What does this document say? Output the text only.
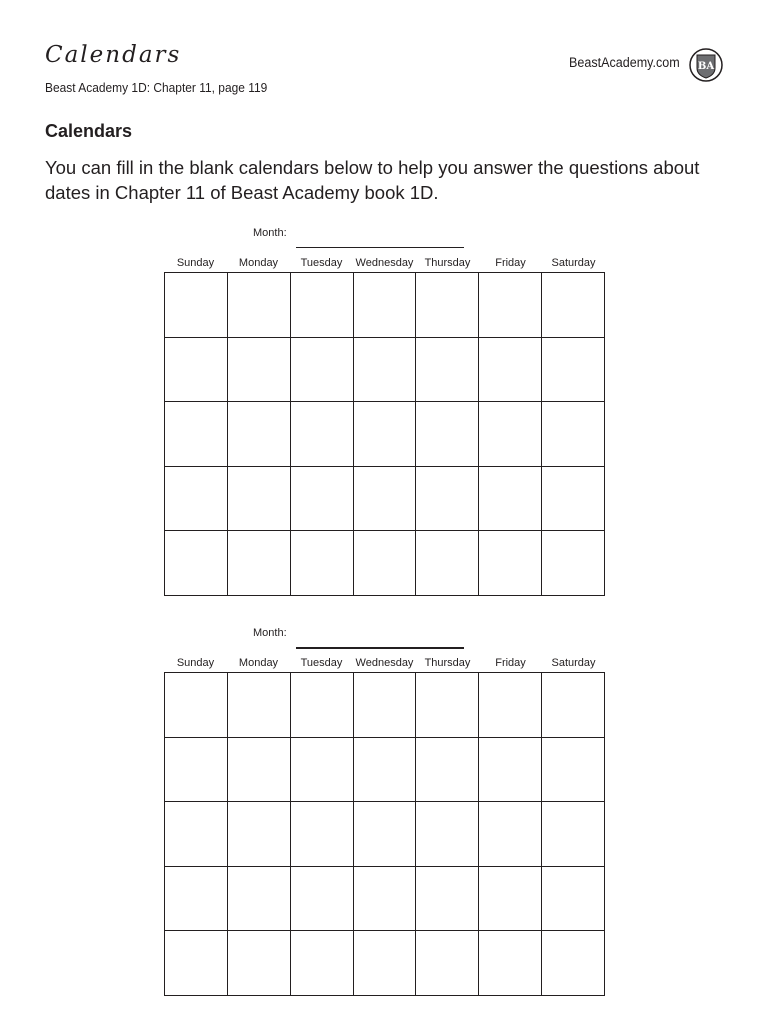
Calendars
Beast Academy 1D: Chapter 11, page 119
BeastAcademy.com BA
Calendars
You can fill in the blank calendars below to help you answer the questions about dates in Chapter 11 of Beast Academy book 1D.
Month:
Sunday	Monday	Tuesday	Wednesday	Thursday	Friday	Saturday
Month:
Sunday	Monday	Tuesday	Wednesday	Thursday	Friday	Saturday
